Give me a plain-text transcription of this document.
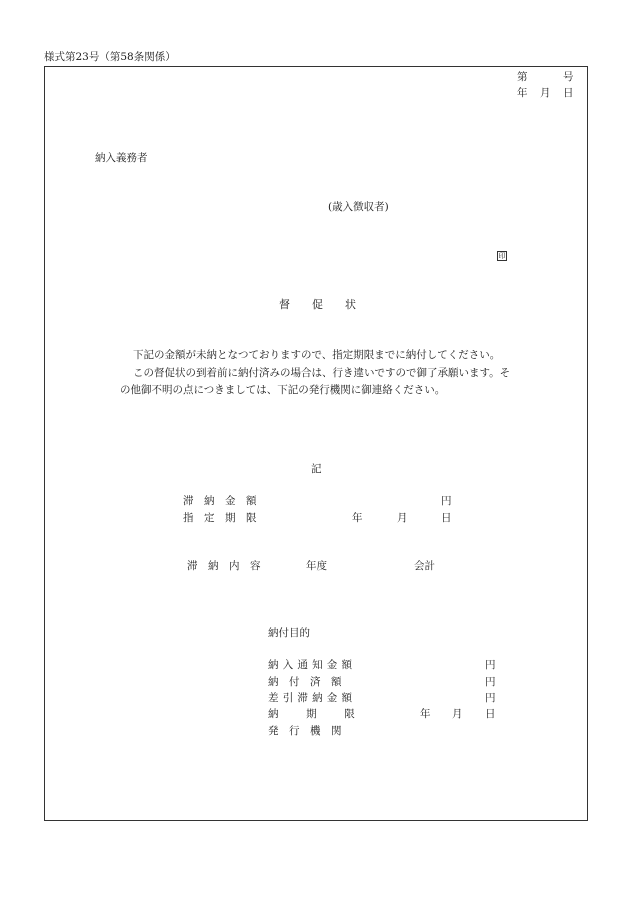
様式第23号（第58条関係）
第	号
年 月 日
納入義務者
(歳入徴収者)
印
督　　促　　状

下記の金額が未納となつておりますので、指定期限までに納付してください。

この督促状の到着前に納付済みの場合は、行き違いですので御了承願います。そ

の他御不明の点につきましては、下記の発行機関に御連絡ください。

記
滞　納　金　額	円
指　定　期　限	年	月	日
滞　納　内　容	年度	会計
納付目的
納入通知金額	円
納　付　済　額	円
差引滞納金額	円
納　　期　　限	年 月 日
発　行　機　関
